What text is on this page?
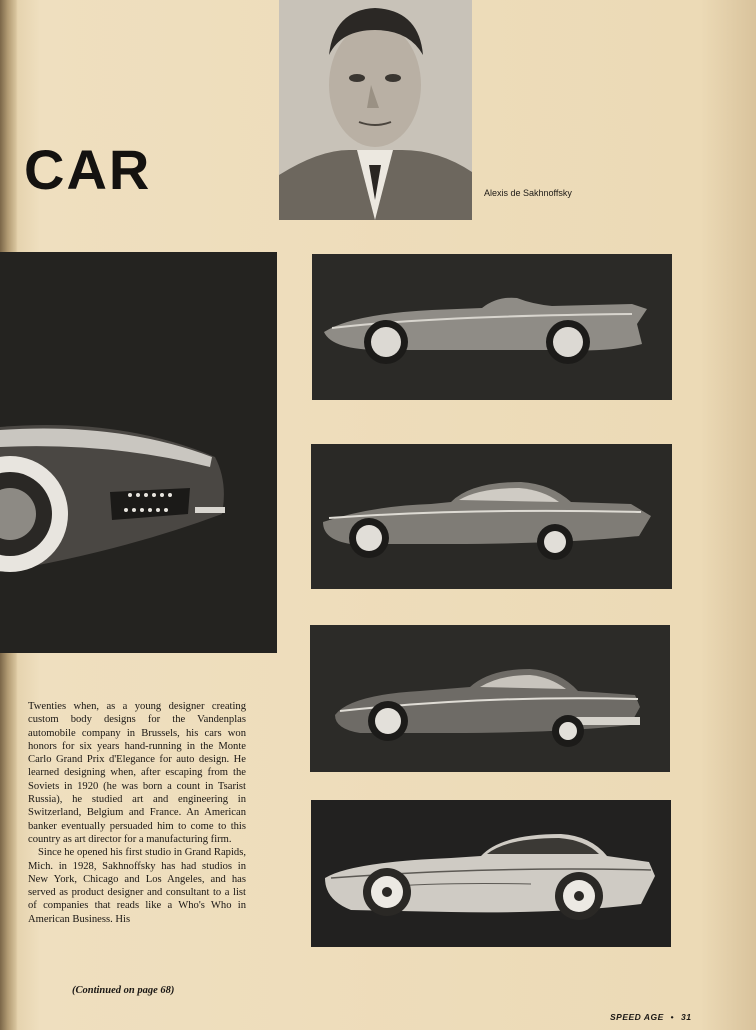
CAR	Alexis de Sakhnoffsky

Twenties when, as a young designer creating custom body designs for the Vandenplas automobile company in Brussels, his cars won honors for six years hand-running in the Monte Carlo Grand Prix d'Elegance for auto design. He learned designing when, after escaping from the Soviets in 1920 (he was born a count in Tsarist Russia), he studied art and engineering in Switzerland, Belgium and France. An American banker eventually persuaded him to come to this country as art director for a manufacturing firm.

Since he opened his first studio in Grand Rapids, Mich. in 1928, Sakhnoffsky has had studios in New York, Chicago and Los Angeles, and has served as product designer and consultant to a list of companies that reads like a Who's Who in American Business. His

(Continued on page 68)
SPEED AGE • 31
